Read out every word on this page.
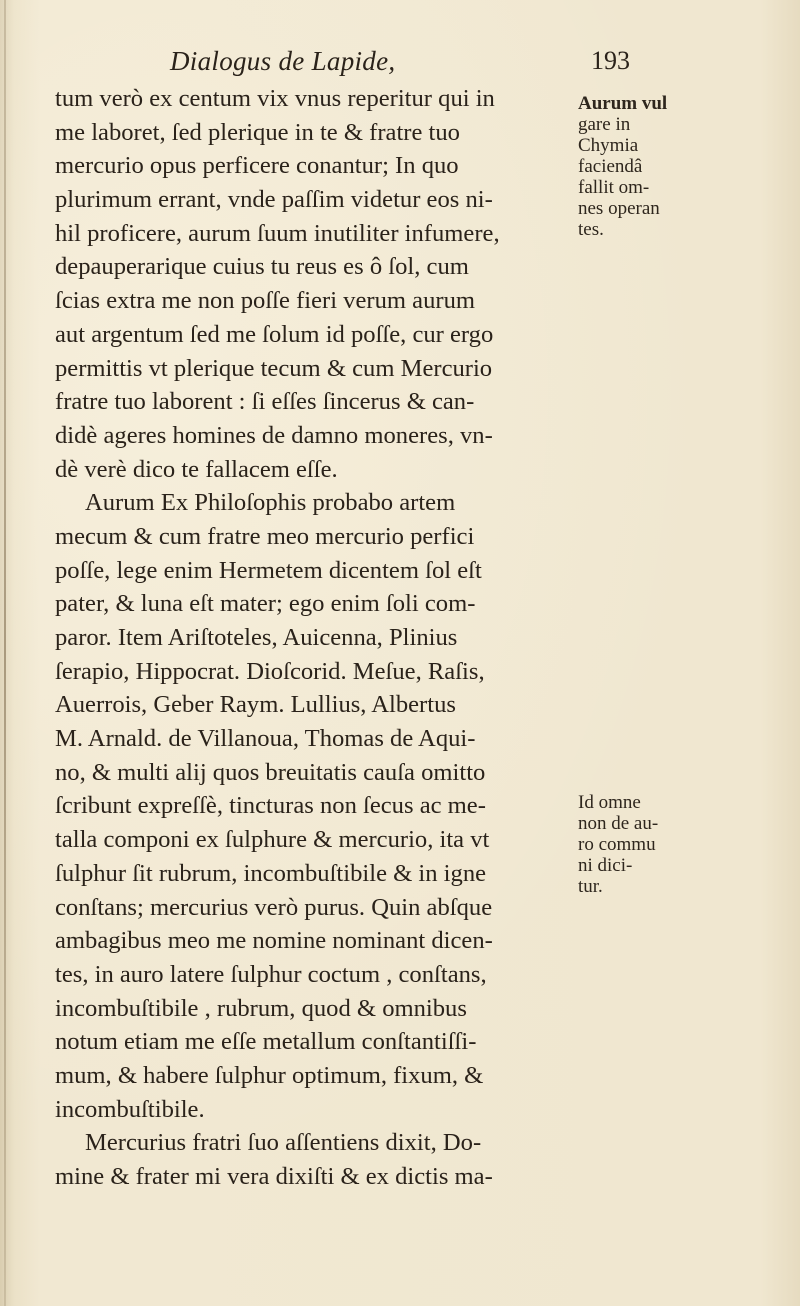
Dialogus de Lapide,	193
tum verò ex centum vix vnus reperitur qui in
me laboret, ſed plerique in te & fratre tuo
mercurio opus perficere conantur; In quo
plurimum errant, vnde paſſim videtur eos ni-
hil proficere, aurum ſuum inutiliter infumere,
depauperarique cuius tu reus es ô ſol, cum
ſcias extra me non poſſe fieri verum aurum
aut argentum ſed me ſolum id poſſe, cur ergo
permittis vt plerique tecum & cum Mercurio
fratre tuo laborent : ſi eſſes ſincerus & can-
didè ageres homines de damno moneres, vn-
dè verè dico te fallacem eſſe.
Aurum Ex Philoſophis probabo artem
mecum & cum fratre meo mercurio perfici
poſſe, lege enim Hermetem dicentem ſol eſt
pater, & luna eſt mater; ego enim ſoli com-
paror. Item Ariſtoteles, Auicenna, Plinius
ſerapio, Hippocrat. Dioſcorid. Meſue, Raſis,
Auerrois, Geber Raym. Lullius, Albertus
M. Arnald. de Villanoua, Thomas de Aqui-
no, & multi alij quos breuitatis cauſa omitto
ſcribunt expreſſè, tincturas non ſecus ac me-
talla componi ex ſulphure & mercurio, ita vt
ſulphur ſit rubrum, incombuſtibile & in igne
conſtans; mercurius verò purus. Quin abſque
ambagibus meo me nomine nominant dicen-
tes, in auro latere ſulphur coctum , conſtans,
incombuſtibile , rubrum, quod & omnibus
notum etiam me eſſe metallum conſtantiſſi-
mum, & habere ſulphur optimum, fixum, &
incombuſtibile.
Mercurius fratri ſuo aſſentiens dixit, Do-
mine & frater mi vera dixiſti & ex dictis ma-
Aurum vul
gare in
Chymia
faciendâ
fallit om-
nes operan
tes.
Id omne
non de au-
ro commu
ni dici-
tur.
